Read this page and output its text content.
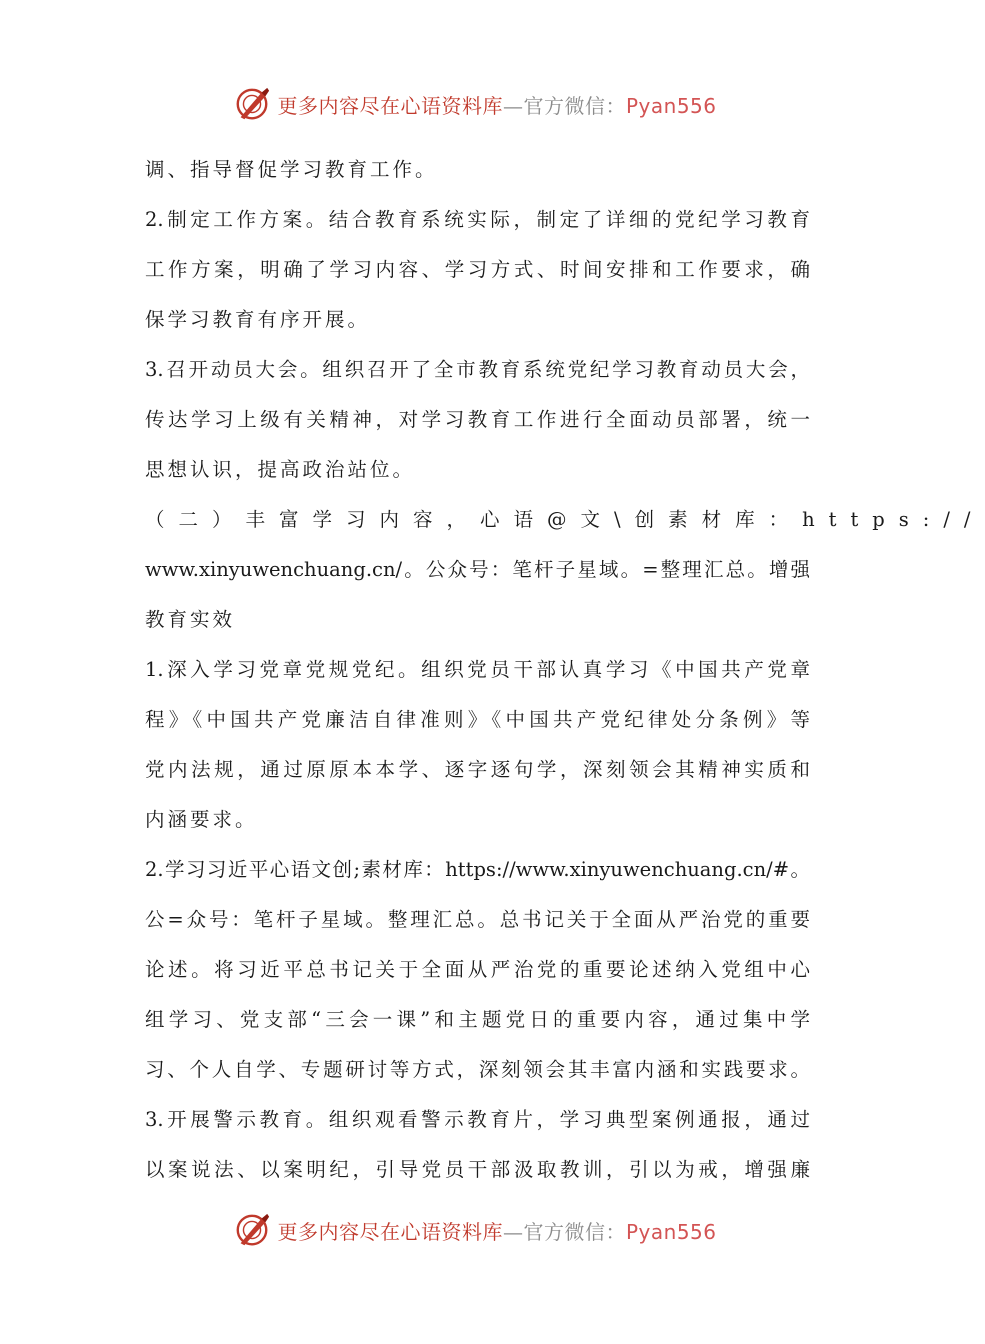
更多内容尽在心语资料库—官方微信：Pyan556
调、指导督促学习教育工作。
2.制定工作方案。结合教育系统实际，制定了详细的党纪学习教育
工作方案，明确了学习内容、学习方式、时间安排和工作要求，确
保学习教育有序开展。
3.召开动员大会。组织召开了全市教育系统党纪学习教育动员大会，
传达学习上级有关精神，对学习教育工作进行全面动员部署，统一
思想认识，提高政治站位。
（二）丰富学习内容，心语@文\创素材库：https://
www.xinyuwenchuang.cn/。公众号：笔杆子星域。=整理汇总。增强
教育实效
1.深入学习党章党规党纪。组织党员干部认真学习《中国共产党章
程》《中国共产党廉洁自律准则》《中国共产党纪律处分条例》等
党内法规，通过原原本本学、逐字逐句学，深刻领会其精神实质和
内涵要求。
2.学习习近平心语文创;素材库：https://www.xinyuwenchuang.cn/#。
公=众号：笔杆子星域。整理汇总。总书记关于全面从严治党的重要
论述。将习近平总书记关于全面从严治党的重要论述纳入党组中心
组学习、党支部“三会一课”和主题党日的重要内容，通过集中学
习、个人自学、专题研讨等方式，深刻领会其丰富内涵和实践要求。
3.开展警示教育。组织观看警示教育片，学习典型案例通报，通过
以案说法、以案明纪，引导党员干部汲取教训，引以为戒，增强廉
更多内容尽在心语资料库—官方微信：Pyan556
